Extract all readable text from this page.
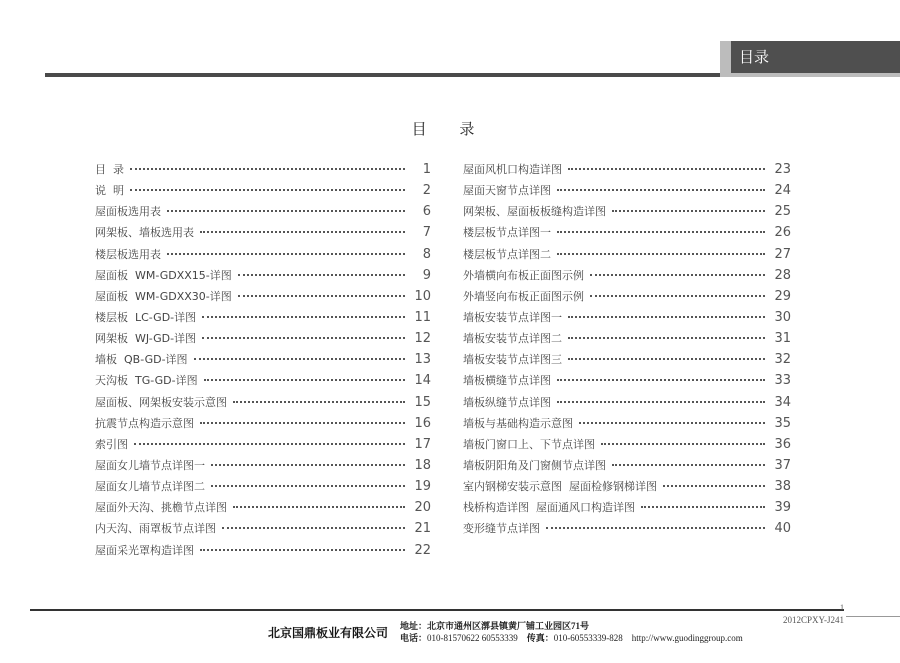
目录
目 录
目  录	1
说  明	2
屋面板选用表	6
网架板、墙板选用表	7
楼层板选用表	8
屋面板  WM-GDXX15-详图	9
屋面板  WM-GDXX30-详图	10
楼层板  LC-GD-详图	11
网架板  WJ-GD-详图	12
墙板  QB-GD-详图	13
天沟板  TG-GD-详图	14
屋面板、网架板安装示意图	15
抗震节点构造示意图	16
索引图	17
屋面女儿墙节点详图一	18
屋面女儿墙节点详图二	19
屋面外天沟、挑檐节点详图	20
内天沟、雨罩板节点详图	21
屋面采光罩构造详图	22
屋面风机口构造详图	23
屋面天窗节点详图	24
网架板、屋面板板缝构造详图	25
楼层板节点详图一	26
楼层板节点详图二	27
外墙横向布板正面图示例	28
外墙竖向布板正面图示例	29
墙板安装节点详图一	30
墙板安装节点详图二	31
墙板安装节点详图三	32
墙板横缝节点详图	33
墙板纵缝节点详图	34
墙板与基础构造示意图	35
墙板门窗口上、下节点详图	36
墙板阴阳角及门窗侧节点详图	37
室内钢梯安装示意图  屋面检修钢梯详图	38
栈桥构造详图  屋面通风口构造详图	39
变形缝节点详图	40
1
北京国鼎板业有限公司 地址：北京市通州区漷县镇黄厂铺工业园区71号
电话：010-81570622 60553339 传真：010-60553339-828 http://www.guodinggroup.com
2012CPXY-J241
